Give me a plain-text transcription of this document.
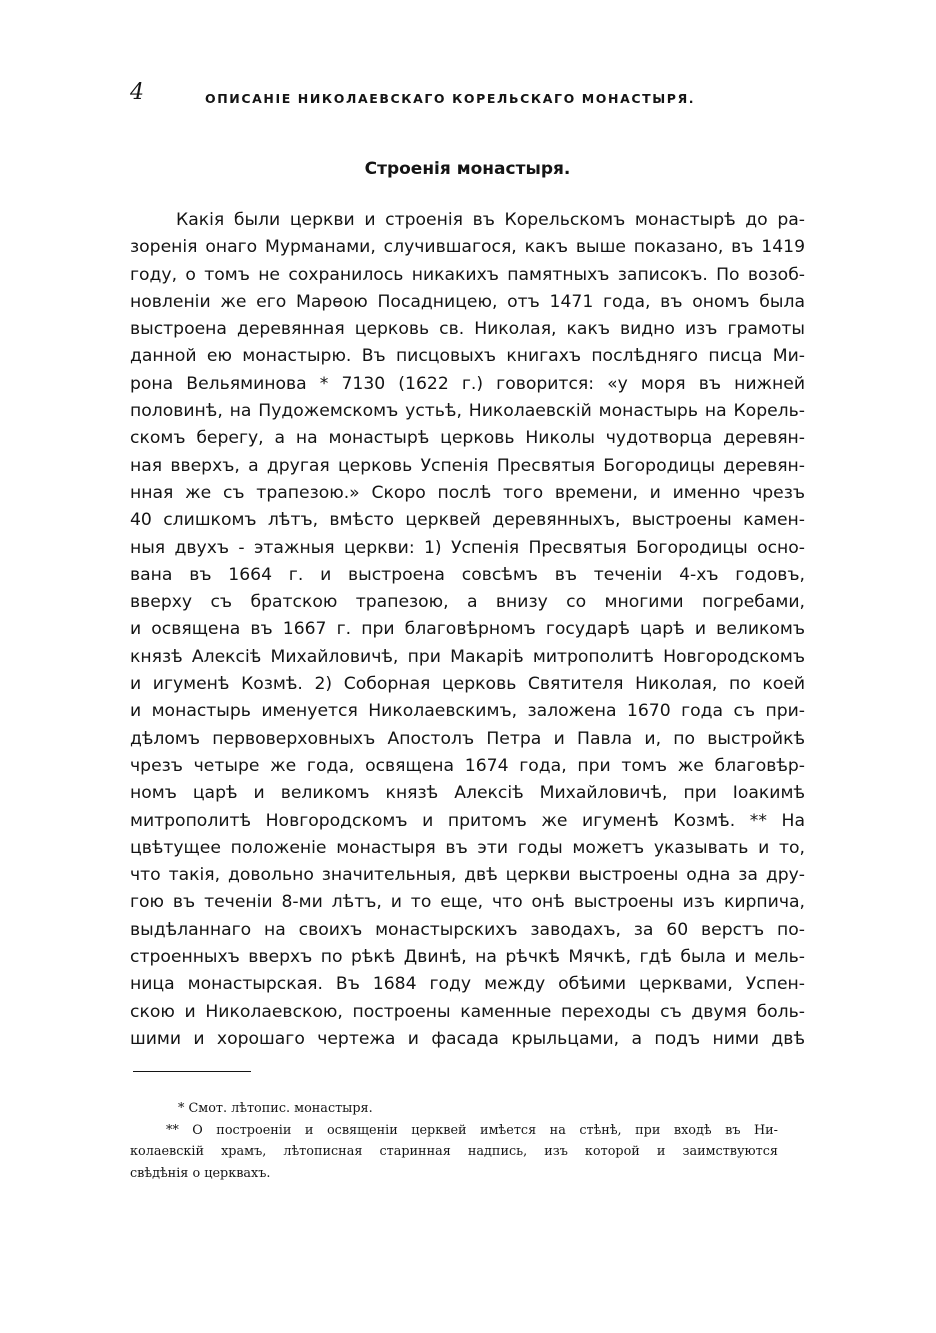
4	ОПИСАНІЕ НИКОЛАЕВСКАГО КОРЕЛЬСКАГО МОНАСТЫРЯ.
Строенія монастыря.
Какія были церкви и строенія въ Корельскомъ монастырѣ до ра-
зоренія онаго Мурманами, случившагося, какъ выше показано, въ 1419
году, о томъ не сохранилось никакихъ памятныхъ записокъ. По возоб-
новленіи же его Марѳою Посадницею, отъ 1471 года, въ ономъ была
выстроена деревянная церковь св. Николая, какъ видно изъ грамоты
данной ею монастырю. Въ писцовыхъ книгахъ послѣдняго писца Ми-
рона Вельяминова * 7130 (1622 г.) говорится: «у моря въ нижней
половинѣ, на Пудожемскомъ устьѣ, Николаевскій монастырь на Корель-
скомъ берегу, а на монастырѣ церковь Николы чудотворца деревян-
ная вверхъ, а другая церковь Успенія Пресвятыя Богородицы деревян-
нная же съ трапезою.» Скоро послѣ того времени, и именно чрезъ
40 слишкомъ лѣтъ, вмѣсто церквей деревянныхъ, выстроены камен-
ныя двухъ - этажныя церкви: 1) Успенія Пресвятыя Богородицы осно-
вана въ 1664 г. и выстроена совсѣмъ въ теченіи 4-хъ годовъ,
вверху съ братскою трапезою, а внизу со многими погребами,
и освящена въ 1667 г. при благовѣрномъ государѣ царѣ и великомъ
князѣ Алексіѣ Михайловичѣ, при Макаріѣ митрополитѣ Новгородскомъ
и игуменѣ Козмѣ. 2) Соборная церковь Святителя Николая, по коей
и монастырь именуется Николаевскимъ, заложена 1670 года съ при-
дѣломъ первоверховныхъ Апостолъ Петра и Павла и, по выстройкѣ
чрезъ четыре же года, освящена 1674 года, при томъ же благовѣр-
номъ царѣ и великомъ князѣ Алексіѣ Михайловичѣ, при Іоакимѣ
митрополитѣ Новгородскомъ и притомъ же игуменѣ Козмѣ. ** На
цвѣтущее положеніе монастыря въ эти годы можетъ указывать и то,
что такія, довольно значительныя, двѣ церкви выстроены одна за дру-
гою въ теченіи 8-ми лѣтъ, и то еще, что онѣ выстроены изъ кирпича,
выдѣланнаго на своихъ монастырскихъ заводахъ, за 60 верстъ по-
строенныхъ вверхъ по рѣкѣ Двинѣ, на рѣчкѣ Мячкѣ, гдѣ была и мель-
ница монастырская. Въ 1684 году между обѣими церквами, Успен-
скою и Николаевскою, построены каменные переходы съ двумя боль-
шими и хорошаго чертежа и фасада крыльцами, а подъ ними двѣ
* Смот. лѣтопис. монастыря.
** О построеніи и освященіи церквей имѣется на стѣнѣ, при входѣ въ Ни-
колаевскій храмъ, лѣтописная старинная надпись, изъ которой и заимствуются
свѣдѣнія о церквахъ.
